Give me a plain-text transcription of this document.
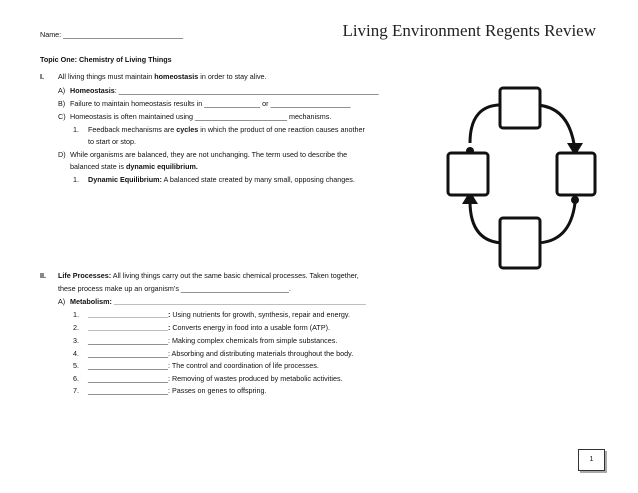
Name: ______________________________	Living Environment Regents Review
Topic One: Chemistry of Living Things
I. All living things must maintain homeostasis in order to stay alive.
A) Homeostasis: _________________________________________________________________
B) Failure to maintain homeostasis results in ______________ or ____________________
C) Homeostasis is often maintained using _______________________ mechanisms.
1. Feedback mechanisms are cycles in which the product of one reaction causes another
to start or stop.
D) While organisms are balanced, they are not unchanging. The term used to describe the
balanced state is dynamic equilibrium.
1. Dynamic Equilibrium: A balanced state created by many small, opposing changes.
II. Life Processes: All living things carry out the same basic chemical processes. Taken together,
these process make up an organism’s ___________________________.
A) Metabolism: _______________________________________________________________
1. ____________________: Using nutrients for growth, synthesis, repair and energy.
2. ____________________: Converts energy in food into a usable form (ATP).
3. ____________________: Making complex chemicals from simple substances.
4. ____________________: Absorbing and distributing materials throughout the body.
5. ____________________: The control and coordination of life processes.
6. ____________________: Removing of wastes produced by metabolic activities.
7. ____________________: Passes on genes to offspring.
1
